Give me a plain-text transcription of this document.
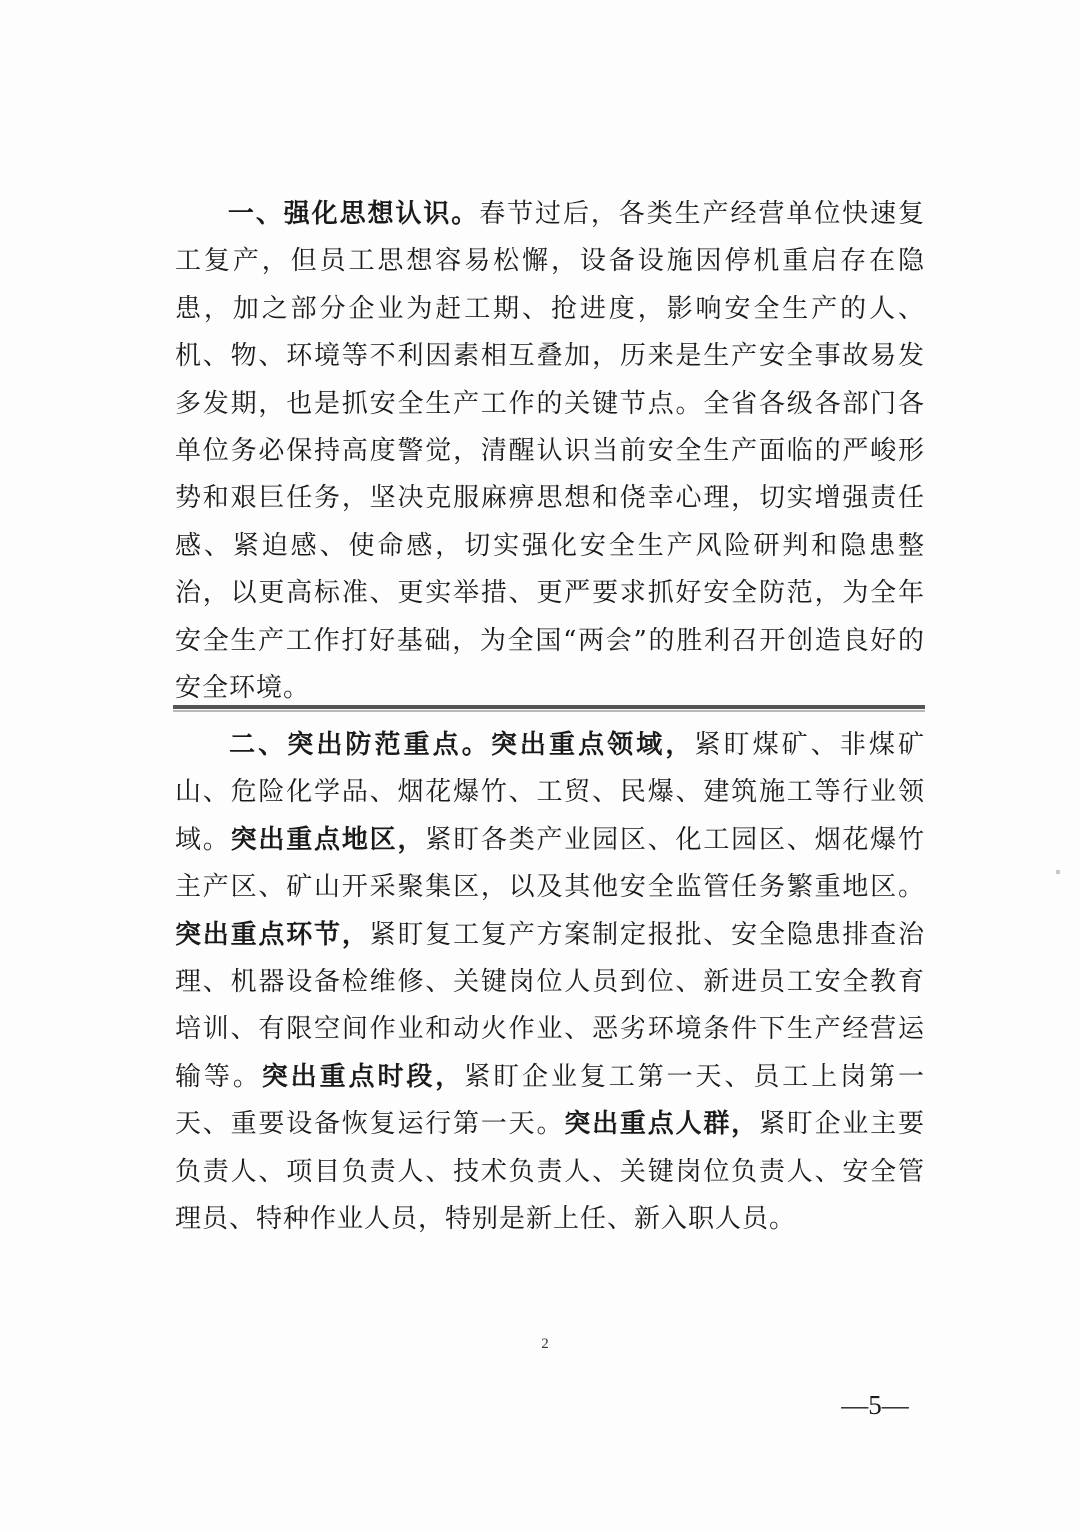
一、强化思想认识。春节过后，各类生产经营单位快速复工复产，但员工思想容易松懈，设备设施因停机重启存在隐患，加之部分企业为赶工期、抢进度，影响安全生产的人、机、物、环境等不利因素相互叠加，历来是生产安全事故易发多发期，也是抓安全生产工作的关键节点。全省各级各部门各单位务必保持高度警觉，清醒认识当前安全生产面临的严峻形势和艰巨任务，坚决克服麻痹思想和侥幸心理，切实增强责任感、紧迫感、使命感，切实强化安全生产风险研判和隐患整治，以更高标准、更实举措、更严要求抓好安全防范，为全年安全生产工作打好基础，为全国“两会”的胜利召开创造良好的安全环境。

二、突出防范重点。突出重点领域，紧盯煤矿、非煤矿山、危险化学品、烟花爆竹、工贸、民爆、建筑施工等行业领域。突出重点地区，紧盯各类产业园区、化工园区、烟花爆竹主产区、矿山开采聚集区，以及其他安全监管任务繁重地区。突出重点环节，紧盯复工复产方案制定报批、安全隐患排查治理、机器设备检维修、关键岗位人员到位、新进员工安全教育培训、有限空间作业和动火作业、恶劣环境条件下生产经营运输等。突出重点时段，紧盯企业复工第一天、员工上岗第一天、重要设备恢复运行第一天。突出重点人群，紧盯企业主要负责人、项目负责人、技术负责人、关键岗位负责人、安全管理员、特种作业人员，特别是新上任、新入职人员。

2
—5—
